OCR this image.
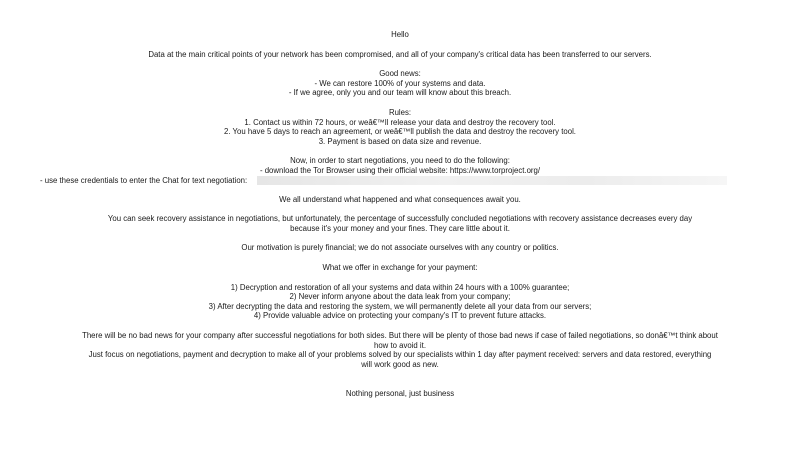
Hello
Data at the main critical points of your network has been compromised, and all of your company's critical data has been transferred to our servers.
Good news:
- We can restore 100% of your systems and data.
- If we agree, only you and our team will know about this breach.
Rules:
1. Contact us within 72 hours, or weâ€™ll release your data and destroy the recovery tool.
2. You have 5 days to reach an agreement, or weâ€™ll publish the data and destroy the recovery tool.
3. Payment is based on data size and revenue.
Now, in order to start negotiations, you need to do the following:
- download the Tor Browser using their official website: https://www.torproject.org/
- use these credentials to enter the Chat for text negotiation:
We all understand what happened and what consequences await you.
You can seek recovery assistance in negotiations, but unfortunately, the percentage of successfully concluded negotiations with recovery assistance decreases every day
because it's your money and your fines. They care little about it.
Our motivation is purely financial; we do not associate ourselves with any country or politics.
What we offer in exchange for your payment:
1) Decryption and restoration of all your systems and data within 24 hours with a 100% guarantee;
2) Never inform anyone about the data leak from your company;
3) After decrypting the data and restoring the system, we will permanently delete all your data from our servers;
4) Provide valuable advice on protecting your company's IT to prevent future attacks.
There will be no bad news for your company after successful negotiations for both sides. But there will be plenty of those bad news if case of failed negotiations, so donâ€™t think about
how to avoid it.
Just focus on negotiations, payment and decryption to make all of your problems solved by our specialists within 1 day after payment received: servers and data restored, everything
will work good as new.
Nothing personal, just business
